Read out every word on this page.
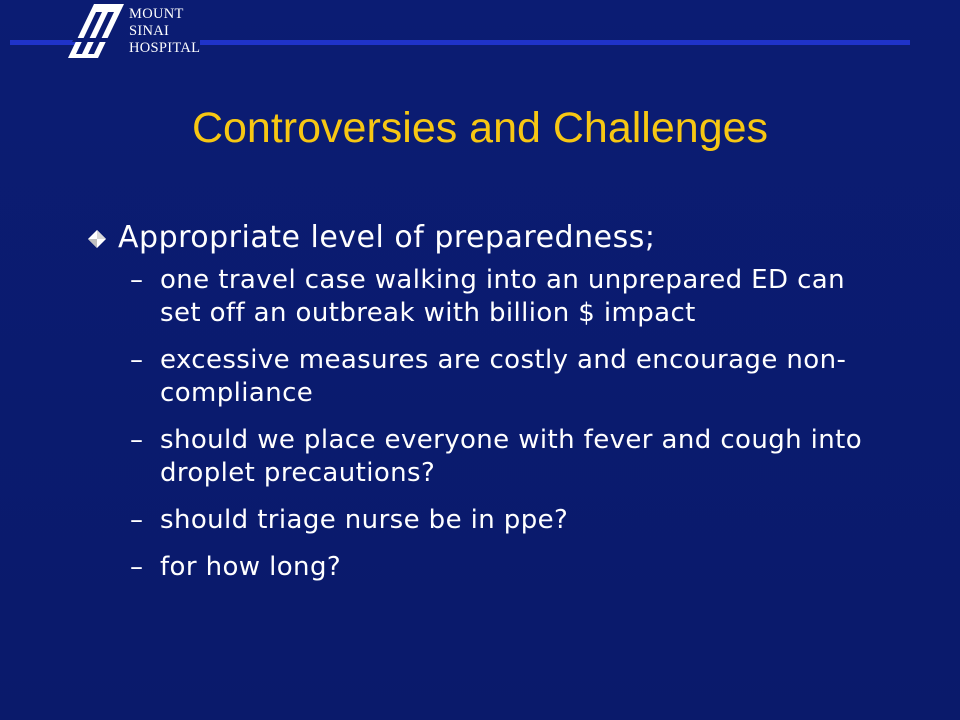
MOUNT
SINAI
HOSPITAL
Controversies and Challenges
Appropriate level of preparedness;
– one travel case walking into an unprepared ED can set off an outbreak with billion $ impact
– excessive measures are costly and encourage non-compliance
– should we place everyone with fever and cough into droplet precautions?
– should triage nurse be in ppe?
– for how long?
